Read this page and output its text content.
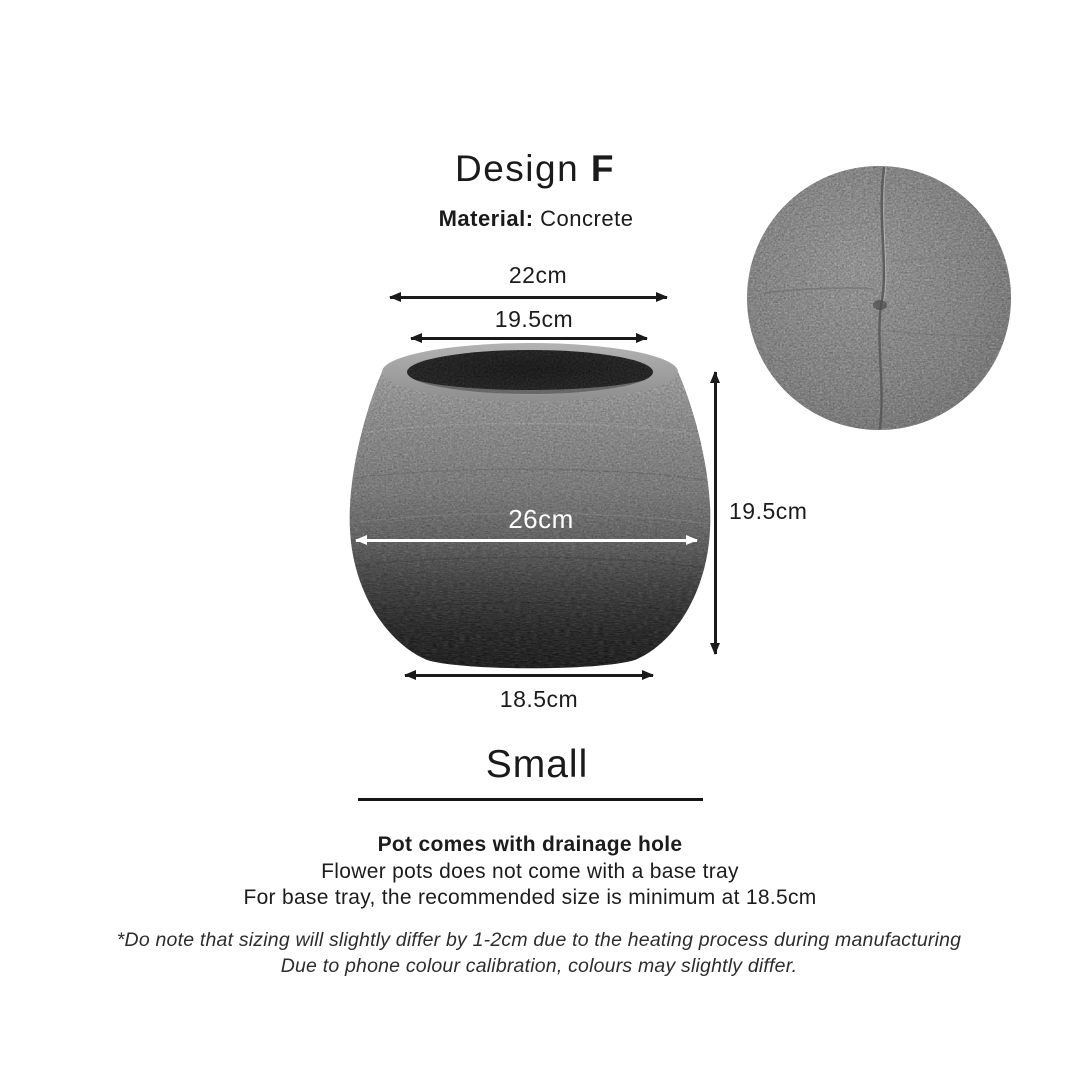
Design F
Material: Concrete
22cm
19.5cm
26cm	19.5cm
18.5cm
Small
Pot comes with drainage hole
Flower pots does not come with a base tray
For base tray, the recommended size is minimum at 18.5cm
*Do note that sizing will slightly differ by 1-2cm due to the heating process during manufacturing
Due to phone colour calibration, colours may slightly differ.
